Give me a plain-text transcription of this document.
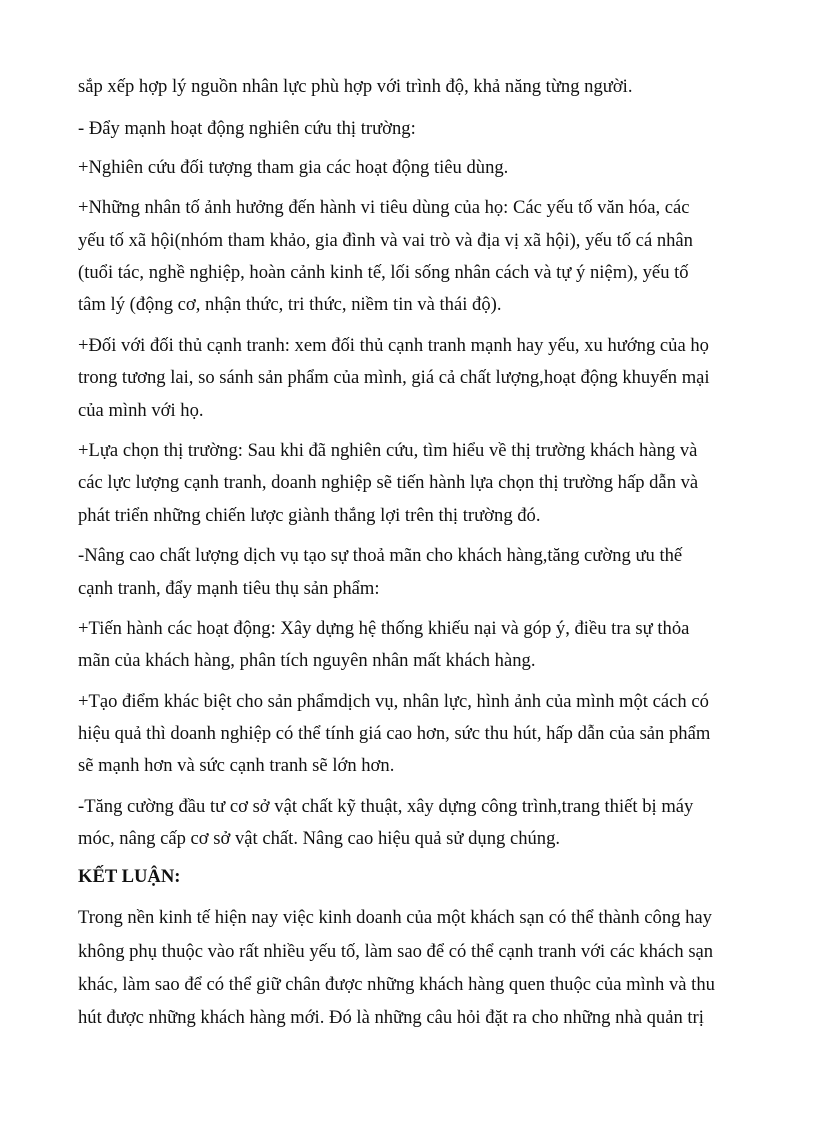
sắp xếp hợp lý nguồn nhân lực phù hợp với trình độ, khả năng từng người.
- Đẩy mạnh hoạt động nghiên cứu thị trường:
+Nghiên cứu đối tượng tham gia các hoạt động tiêu dùng.
+Những nhân tố ảnh hưởng đến hành vi tiêu dùng của họ: Các yếu tố văn hóa, các
yếu tố xã hội(nhóm tham khảo, gia đình và vai trò và địa vị xã hội), yếu tố cá nhân
(tuổi tác, nghề nghiệp, hoàn cảnh kinh tế, lối sống nhân cách và tự ý niệm), yếu tố
tâm lý (động cơ, nhận thức, tri thức, niềm tin và thái độ).
+Đối với đối thủ cạnh tranh: xem đối thủ cạnh tranh mạnh hay yếu, xu hướng của họ
trong tương lai, so sánh sản phẩm của mình, giá cả chất lượng,hoạt động khuyến mại
của mình với họ.
+Lựa chọn thị trường: Sau khi đã nghiên cứu, tìm hiểu về thị trường khách hàng và
các lực lượng cạnh tranh, doanh nghiệp sẽ tiến hành lựa chọn thị trường hấp dẫn và
phát triển những chiến lược giành thắng lợi trên thị trường đó.
-Nâng cao chất lượng dịch vụ tạo sự thoả mãn cho khách hàng,tăng cường ưu thế
cạnh tranh, đẩy mạnh tiêu thụ sản phẩm:
+Tiến hành các hoạt động: Xây dựng hệ thống khiếu nại và góp ý, điều tra sự thỏa
mãn của khách hàng, phân tích nguyên nhân mất khách hàng.
+Tạo điểm khác biệt cho sản phẩmdịch vụ, nhân lực, hình ảnh của mình một cách có
hiệu quả thì doanh nghiệp có thể tính giá cao hơn, sức thu hút, hấp dẫn của sản phẩm
sẽ mạnh hơn và sức cạnh tranh sẽ lớn hơn.
-Tăng cường đầu tư cơ sở vật chất kỹ thuật, xây dựng công trình,trang thiết bị máy
móc, nâng cấp cơ sở vật chất. Nâng cao hiệu quả sử dụng chúng.
KẾT LUẬN:
Trong nền kinh tế hiện nay việc kinh doanh của một khách sạn có thể thành công hay
không phụ thuộc vào rất nhiều yếu tố, làm sao để có thể cạnh tranh với các khách sạn
khác, làm sao để có thể giữ chân được những khách hàng quen thuộc của mình và thu
hút được những khách hàng mới. Đó là những câu hỏi đặt ra cho những nhà quản trị
